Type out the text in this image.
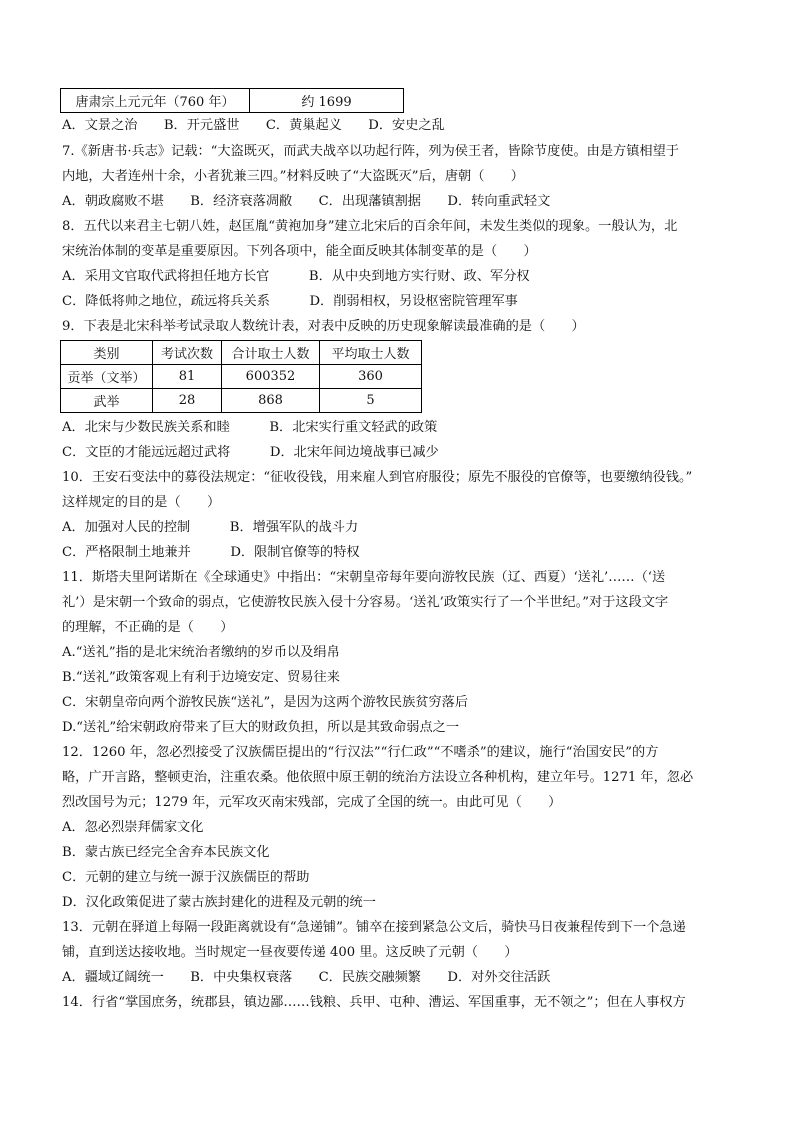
唐肃宗上元元年（760 年）	约 1699
A．文景之治　　B．开元盛世　　C．黄巢起义　　D．安史之乱
7.《新唐书·兵志》记载：“大盗既灭，而武夫战卒以功起行阵，列为侯王者，皆除节度使。由是方镇相望于
内地，大者连州十余，小者犹兼三四。”材料反映了“大盗既灭”后，唐朝（　　）
A．朝政腐败不堪　　B．经济衰落凋敝　　C．出现藩镇割据　　D．转向重武轻文
8．五代以来君主七朝八姓，赵匡胤“黄袍加身”建立北宋后的百余年间，未发生类似的现象。一般认为，北
宋统治体制的变革是重要原因。下列各项中，能全面反映其体制变革的是（　　）
A．采用文官取代武将担任地方长官　　　B．从中央到地方实行财、政、军分权
C．降低将帅之地位，疏远将兵关系　　　D．削弱相权，另设枢密院管理军事
9．下表是北宋科举考试录取人数统计表，对表中反映的历史现象解读最准确的是（　　）
类别	考试次数	合计取士人数	平均取士人数
贡举（文举）	81	600352	360
武举	28	868	5
A．北宋与少数民族关系和睦　　　B．北宋实行重文轻武的政策
C．文臣的才能远远超过武将　　　D．北宋年间边境战事已减少
10．王安石变法中的募役法规定：“征收役钱，用来雇人到官府服役；原先不服役的官僚等，也要缴纳役钱。”
这样规定的目的是（　　）
A．加强对人民的控制　　　B．增强军队的战斗力
C．严格限制土地兼并　　　D．限制官僚等的特权
11．斯塔夫里阿诺斯在《全球通史》中指出：“宋朝皇帝每年要向游牧民族（辽、西夏）‘送礼’……（‘送
礼’）是宋朝一个致命的弱点，它使游牧民族入侵十分容易。‘送礼’政策实行了一个半世纪。”对于这段文字
的理解，不正确的是（　　）
A.“送礼”指的是北宋统治者缴纳的岁币以及绢帛
B.“送礼”政策客观上有利于边境安定、贸易往来
C．宋朝皇帝向两个游牧民族“送礼”，是因为这两个游牧民族贫穷落后
D.“送礼”给宋朝政府带来了巨大的财政负担，所以是其致命弱点之一
12．1260 年，忽必烈接受了汉族儒臣提出的“行汉法”“行仁政”“不嗜杀”的建议，施行“治国安民”的方
略，广开言路，整顿吏治，注重农桑。他依照中原王朝的统治方法设立各种机构，建立年号。1271 年，忽必
烈改国号为元；1279 年，元军攻灭南宋残部，完成了全国的统一。由此可见（　　）
A．忽必烈崇拜儒家文化
B．蒙古族已经完全舍弃本民族文化
C．元朝的建立与统一源于汉族儒臣的帮助
D．汉化政策促进了蒙古族封建化的进程及元朝的统一
13．元朝在驿道上每隔一段距离就设有“急递铺”。铺卒在接到紧急公文后，骑快马日夜兼程传到下一个急递
铺，直到送达接收地。当时规定一昼夜要传递 400 里。这反映了元朝（　　）
A．疆域辽阔统一　　B．中央集权衰落　　C．民族交融频繁　　D．对外交往活跃
14．行省“掌国庶务，统郡县，镇边鄙……钱粮、兵甲、屯种、漕运、军国重事，无不领之”；但在人事权方
